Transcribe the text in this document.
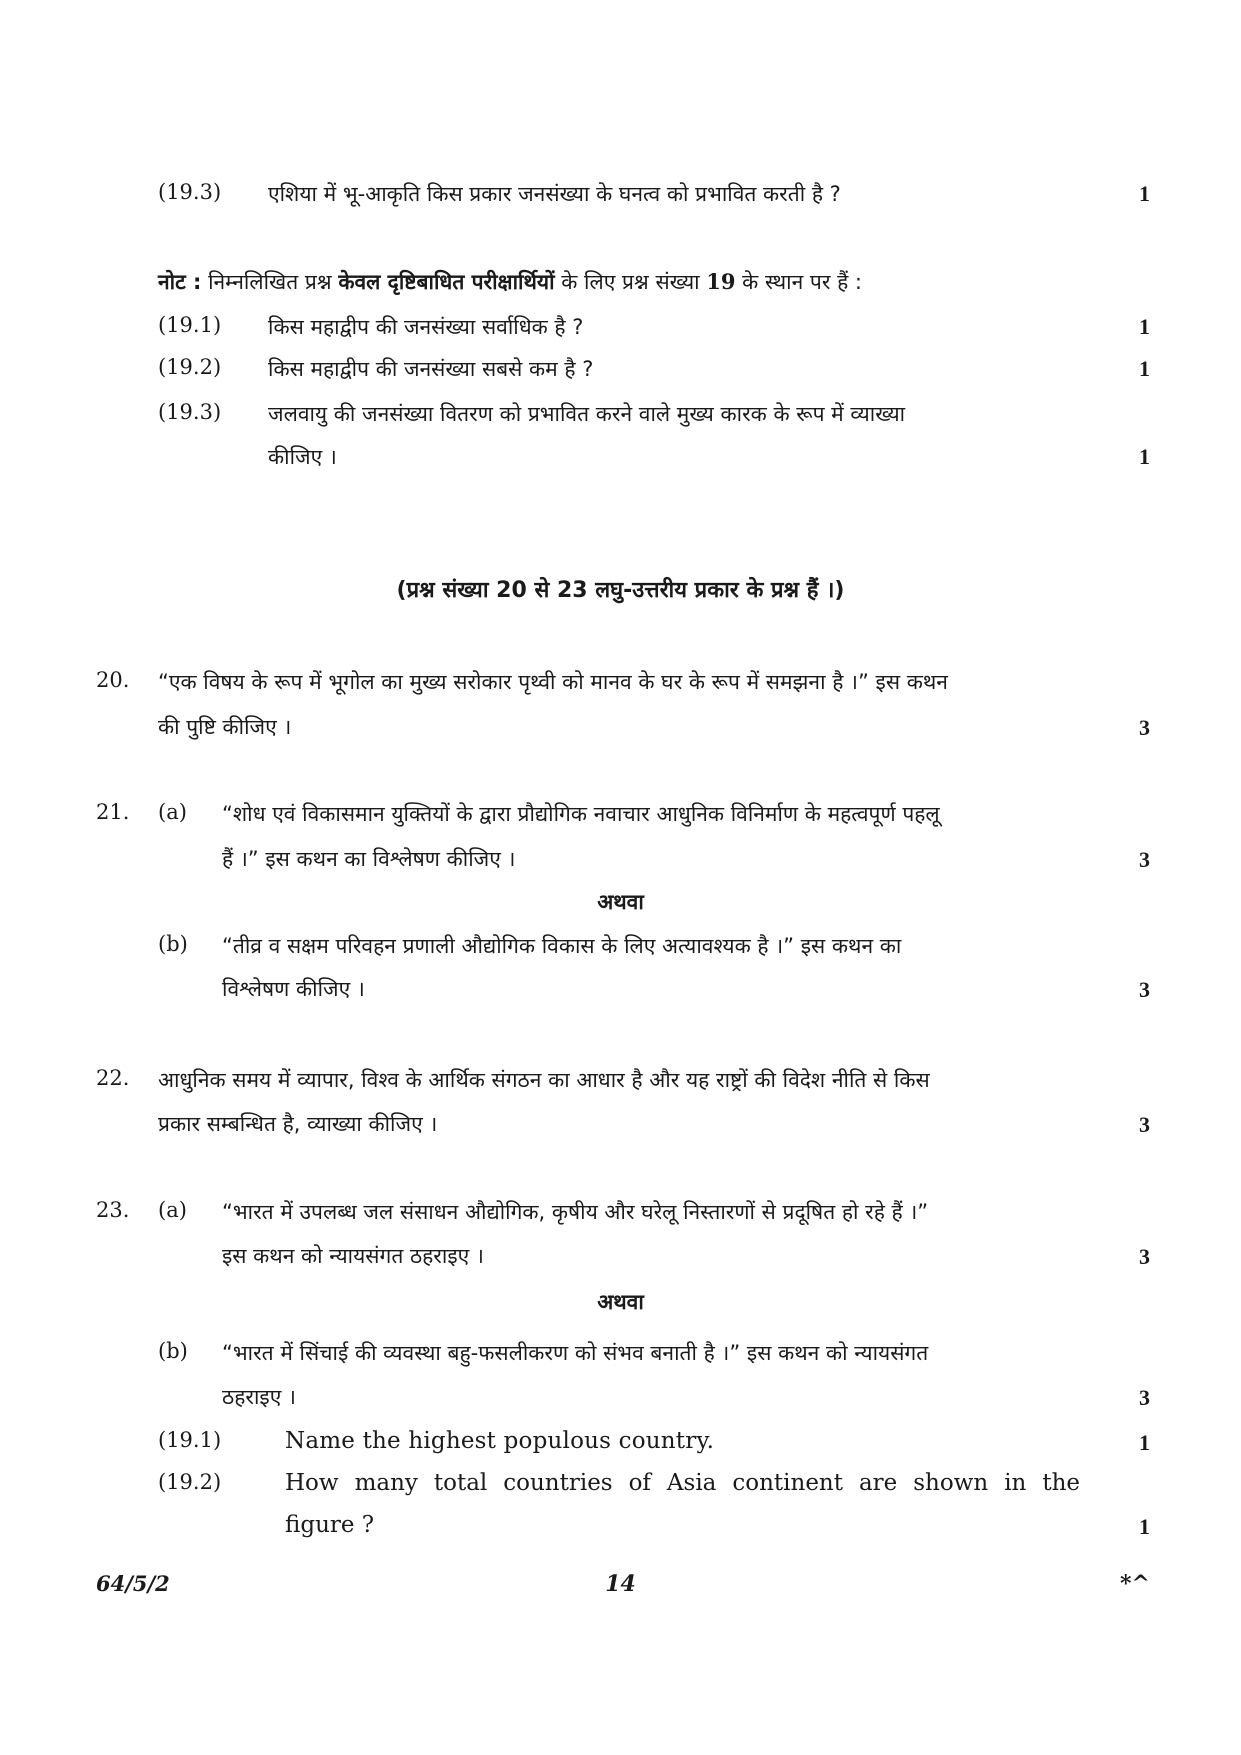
(19.3) एशिया में भू-आकृति किस प्रकार जनसंख्या के घनत्व को प्रभावित करती है ?	1
नोट : निम्नलिखित प्रश्न केवल दृष्टिबाधित परीक्षार्थियों के लिए प्रश्न संख्या 19 के स्थान पर हैं :
(19.1) किस महाद्वीप की जनसंख्या सर्वाधिक है ?	1
(19.2) किस महाद्वीप की जनसंख्या सबसे कम है ?	1
(19.3) जलवायु की जनसंख्या वितरण को प्रभावित करने वाले मुख्य कारक के रूप में व्याख्या
कीजिए ।	1
(प्रश्न संख्या 20 से 23 लघु-उत्तरीय प्रकार के प्रश्न हैं ।)
20. “एक विषय के रूप में भूगोल का मुख्य सरोकार पृथ्वी को मानव के घर के रूप में समझना है ।” इस कथन
की पुष्टि कीजिए ।	3
21. (a) “शोध एवं विकासमान युक्तियों के द्वारा प्रौद्योगिक नवाचार आधुनिक विनिर्माण के महत्वपूर्ण पहलू
हैं ।” इस कथन का विश्लेषण कीजिए ।	3
अथवा
(b) “तीव्र व सक्षम परिवहन प्रणाली औद्योगिक विकास के लिए अत्यावश्यक है ।” इस कथन का
विश्लेषण कीजिए ।	3
22. आधुनिक समय में व्यापार, विश्व के आर्थिक संगठन का आधार है और यह राष्ट्रों की विदेश नीति से किस
प्रकार सम्बन्धित है, व्याख्या कीजिए ।	3
23. (a) “भारत में उपलब्ध जल संसाधन औद्योगिक, कृषीय और घरेलू निस्तारणों से प्रदूषित हो रहे हैं ।”
इस कथन को न्यायसंगत ठहराइए ।	3
अथवा
(b) “भारत में सिंचाई की व्यवस्था बहु-फसलीकरण को संभव बनाती है ।” इस कथन को न्यायसंगत
ठहराइए ।	3
(19.1)	Name the highest populous country.	1
(19.2)	How many total countries of Asia continent are shown in the
figure ?	1
64/5/2	14	*^
